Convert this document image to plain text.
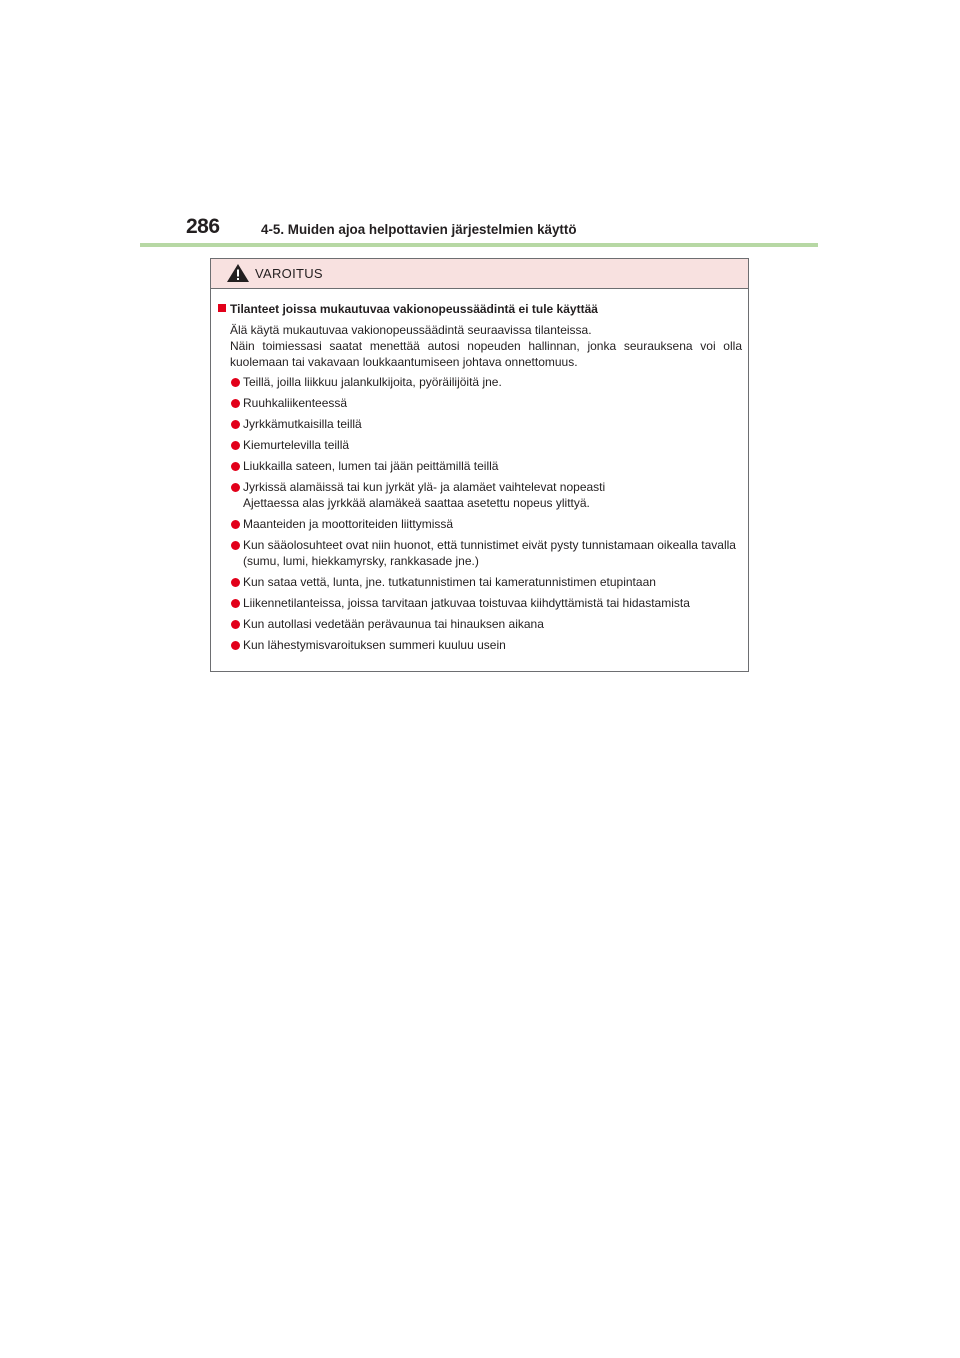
286	4-5. Muiden ajoa helpottavien järjestelmien käyttö
VAROITUS
Tilanteet joissa mukautuvaa vakionopeussäädintä ei tule käyttää

Älä käytä mukautuvaa vakionopeussäädintä seuraavissa tilanteissa.

Näin toimiessasi saatat menettää autosi nopeuden hallinnan, jonka seurauksena voi olla kuolemaan tai vakavaan loukkaantumiseen johtava onnettomuus.

Teillä, joilla liikkuu jalankulkijoita, pyöräilijöitä jne.
Ruuhkaliikenteessä
Jyrkkämutkaisilla teillä
Kiemurtelevilla teillä
Liukkailla sateen, lumen tai jään peittämillä teillä
Jyrkissä alamäissä tai kun jyrkät ylä- ja alamäet vaihtelevat nopeasti
Ajettaessa alas jyrkkää alamäkeä saattaa asetettu nopeus ylittyä.
Maanteiden ja moottoriteiden liittymissä
Kun sääolosuhteet ovat niin huonot, että tunnistimet eivät pysty tunnistamaan oikealla tavalla (sumu, lumi, hiekkamyrsky, rankkasade jne.)
Kun sataa vettä, lunta, jne. tutkatunnistimen tai kameratunnistimen etupintaan
Liikennetilanteissa, joissa tarvitaan jatkuvaa toistuvaa kiihdyttämistä tai hidastamista
Kun autollasi vedetään perävaunua tai hinauksen aikana
Kun lähestymisvaroituksen summeri kuuluu usein
